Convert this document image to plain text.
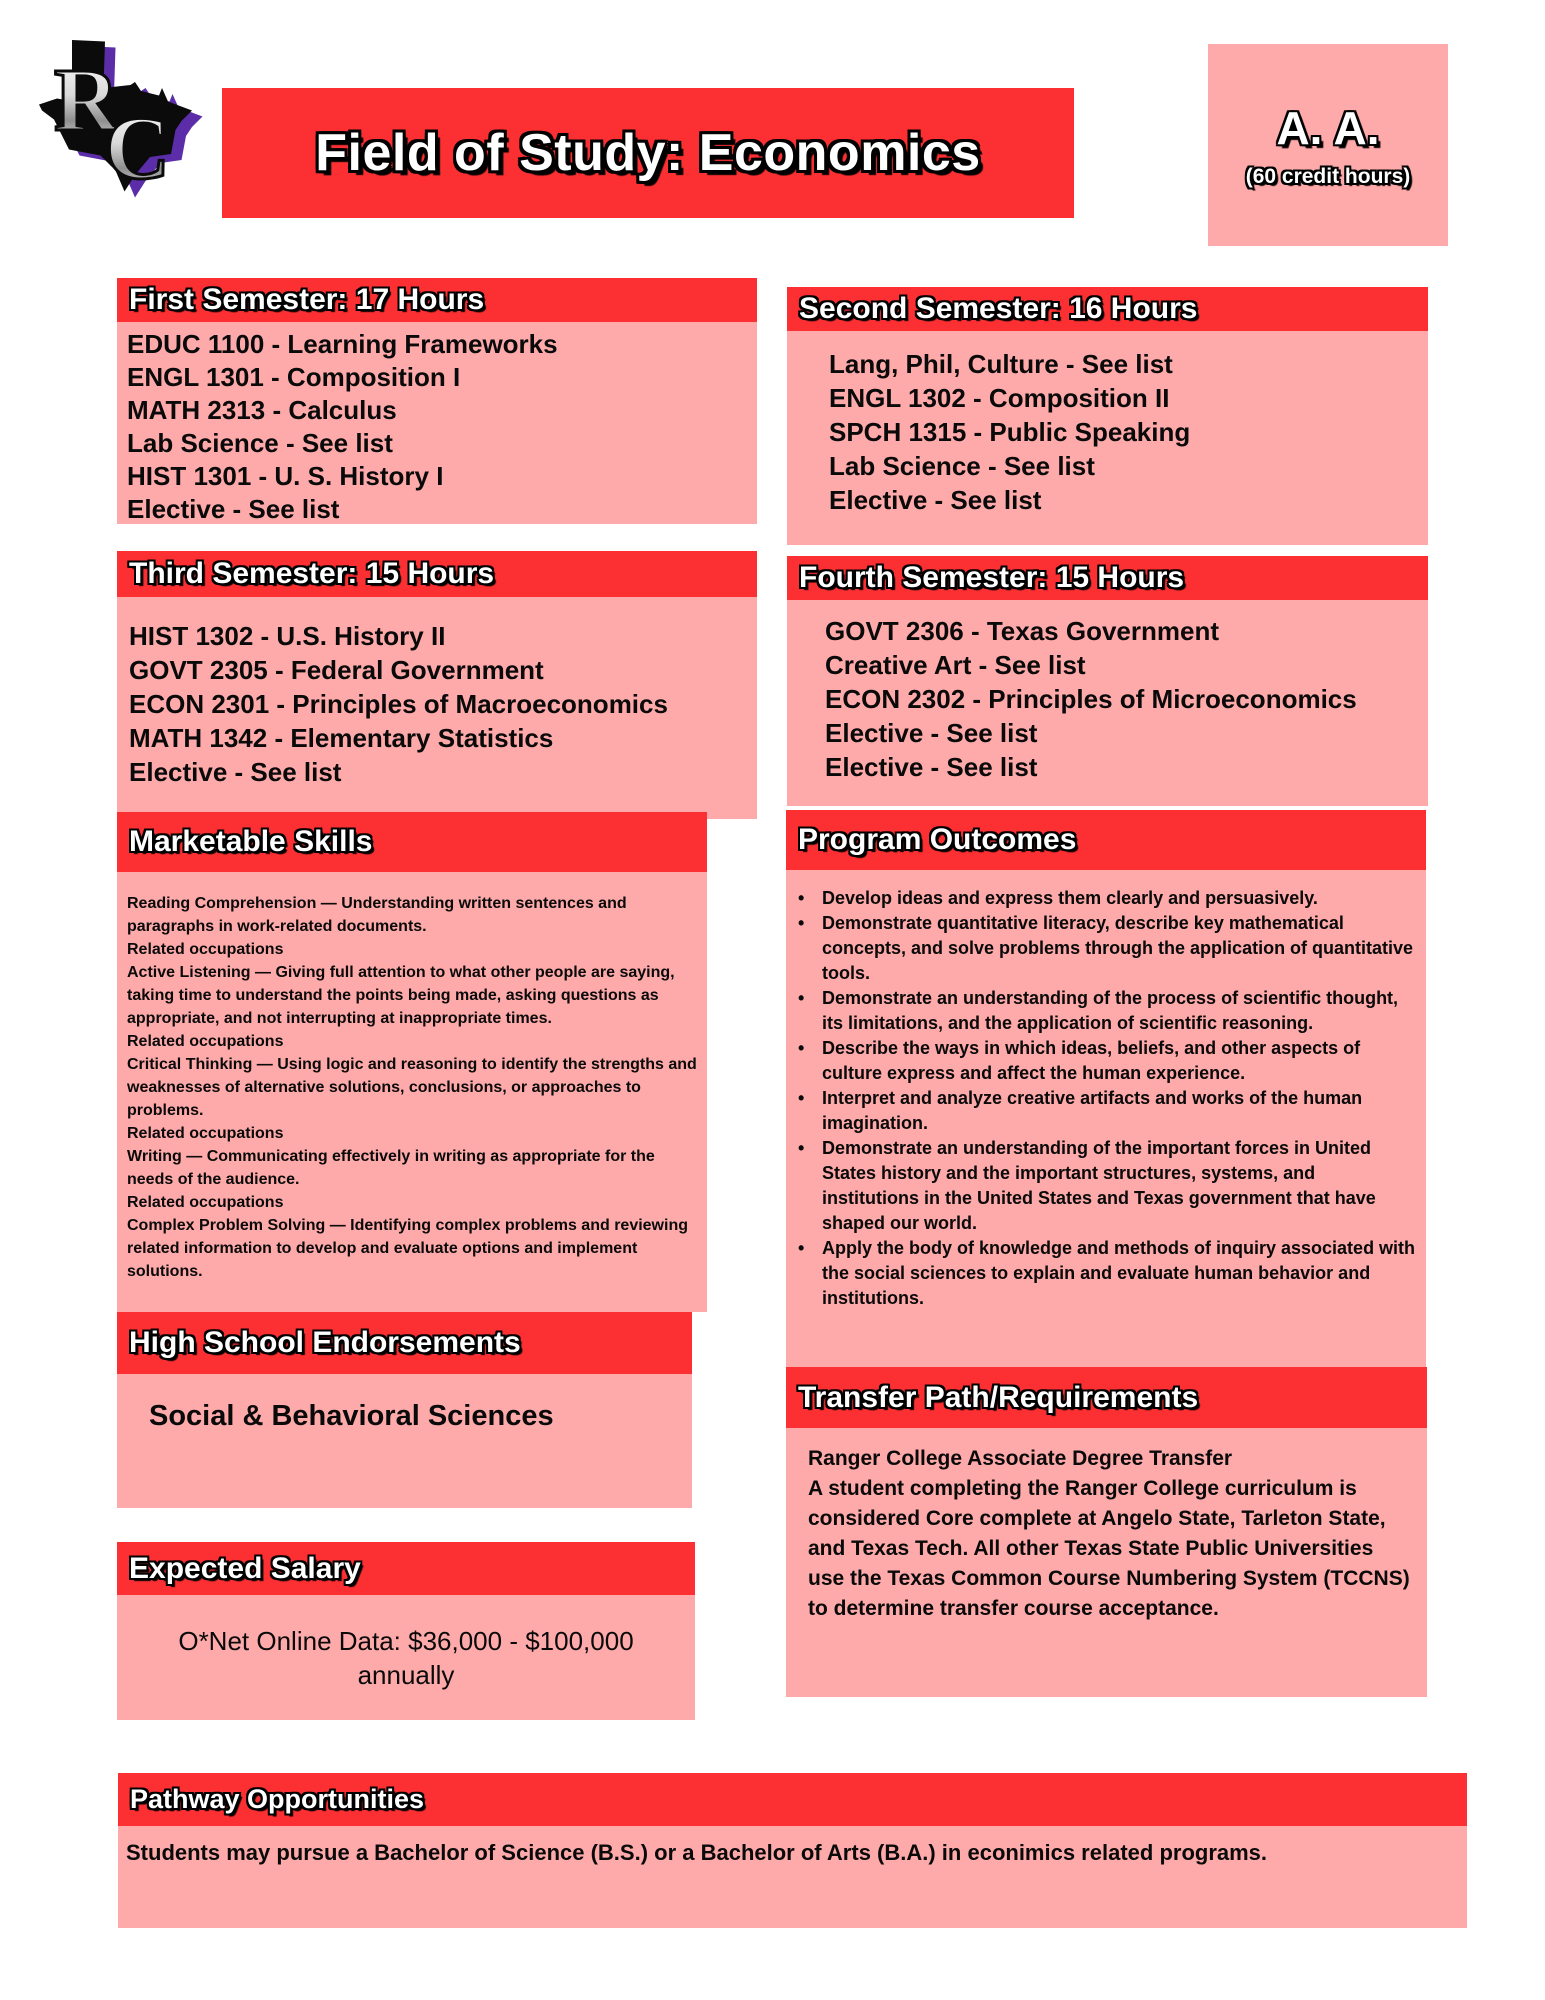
R
C	Field of Study: Economics	A. A.
(60 credit hours)
First Semester: 17 Hours

EDUC 1100 - Learning Frameworks

ENGL 1301 - Composition I

MATH 2313 - Calculus

Lab Science - See list

HIST 1301 - U. S. History I

Elective - See list

Second Semester: 16 Hours

Lang, Phil, Culture - See list

ENGL 1302 - Composition II

SPCH 1315 - Public Speaking

Lab Science - See list

Elective - See list

Third Semester: 15 Hours

HIST 1302 - U.S. History II

GOVT 2305 - Federal Government

ECON 2301 - Principles of Macroeconomics

MATH 1342 - Elementary Statistics

Elective - See list

Fourth Semester: 15 Hours

GOVT 2306 - Texas Government

Creative Art - See list

ECON 2302 - Principles of Microeconomics

Elective - See list

Elective - See list

Marketable Skills

Reading Comprehension — Understanding written sentences and paragraphs in work-related documents.

Related occupations

Active Listening — Giving full attention to what other people are saying, taking time to understand the points being made, asking questions as appropriate, and not interrupting at inappropriate times.

Related occupations

Critical Thinking — Using logic and reasoning to identify the strengths and weaknesses of alternative solutions, conclusions, or approaches to problems.

Related occupations

Writing — Communicating effectively in writing as appropriate for the needs of the audience.

Related occupations

Complex Problem Solving — Identifying complex problems and reviewing related information to develop and evaluate options and implement solutions.

Program Outcomes

• Develop ideas and express them clearly and persuasively.

• Demonstrate quantitative literacy, describe key mathematical concepts, and solve problems through the application of quantitative tools.

• Demonstrate an understanding of the process of scientific thought, its limitations, and the application of scientific reasoning.

• Describe the ways in which ideas, beliefs, and other aspects of culture express and affect the human experience.

• Interpret and analyze creative artifacts and works of the human imagination.

• Demonstrate an understanding of the important forces in United States history and the important structures, systems, and institutions in the United States and Texas government that have shaped our world.

• Apply the body of knowledge and methods of inquiry associated with the social sciences to explain and evaluate human behavior and institutions.

High School Endorsements

Social & Behavioral Sciences

Expected Salary

O*Net Online Data: $36,000 - $100,000 annually

Transfer Path/Requirements

Ranger College Associate Degree Transfer

A student completing the Ranger College curriculum is considered Core complete at Angelo State, Tarleton State, and Texas Tech. All other Texas State Public Universities use the Texas Common Course Numbering System (TCCNS) to determine transfer course acceptance.

Pathway Opportunities

Students may pursue a Bachelor of Science (B.S.) or a Bachelor of Arts (B.A.) in econimics related programs.
